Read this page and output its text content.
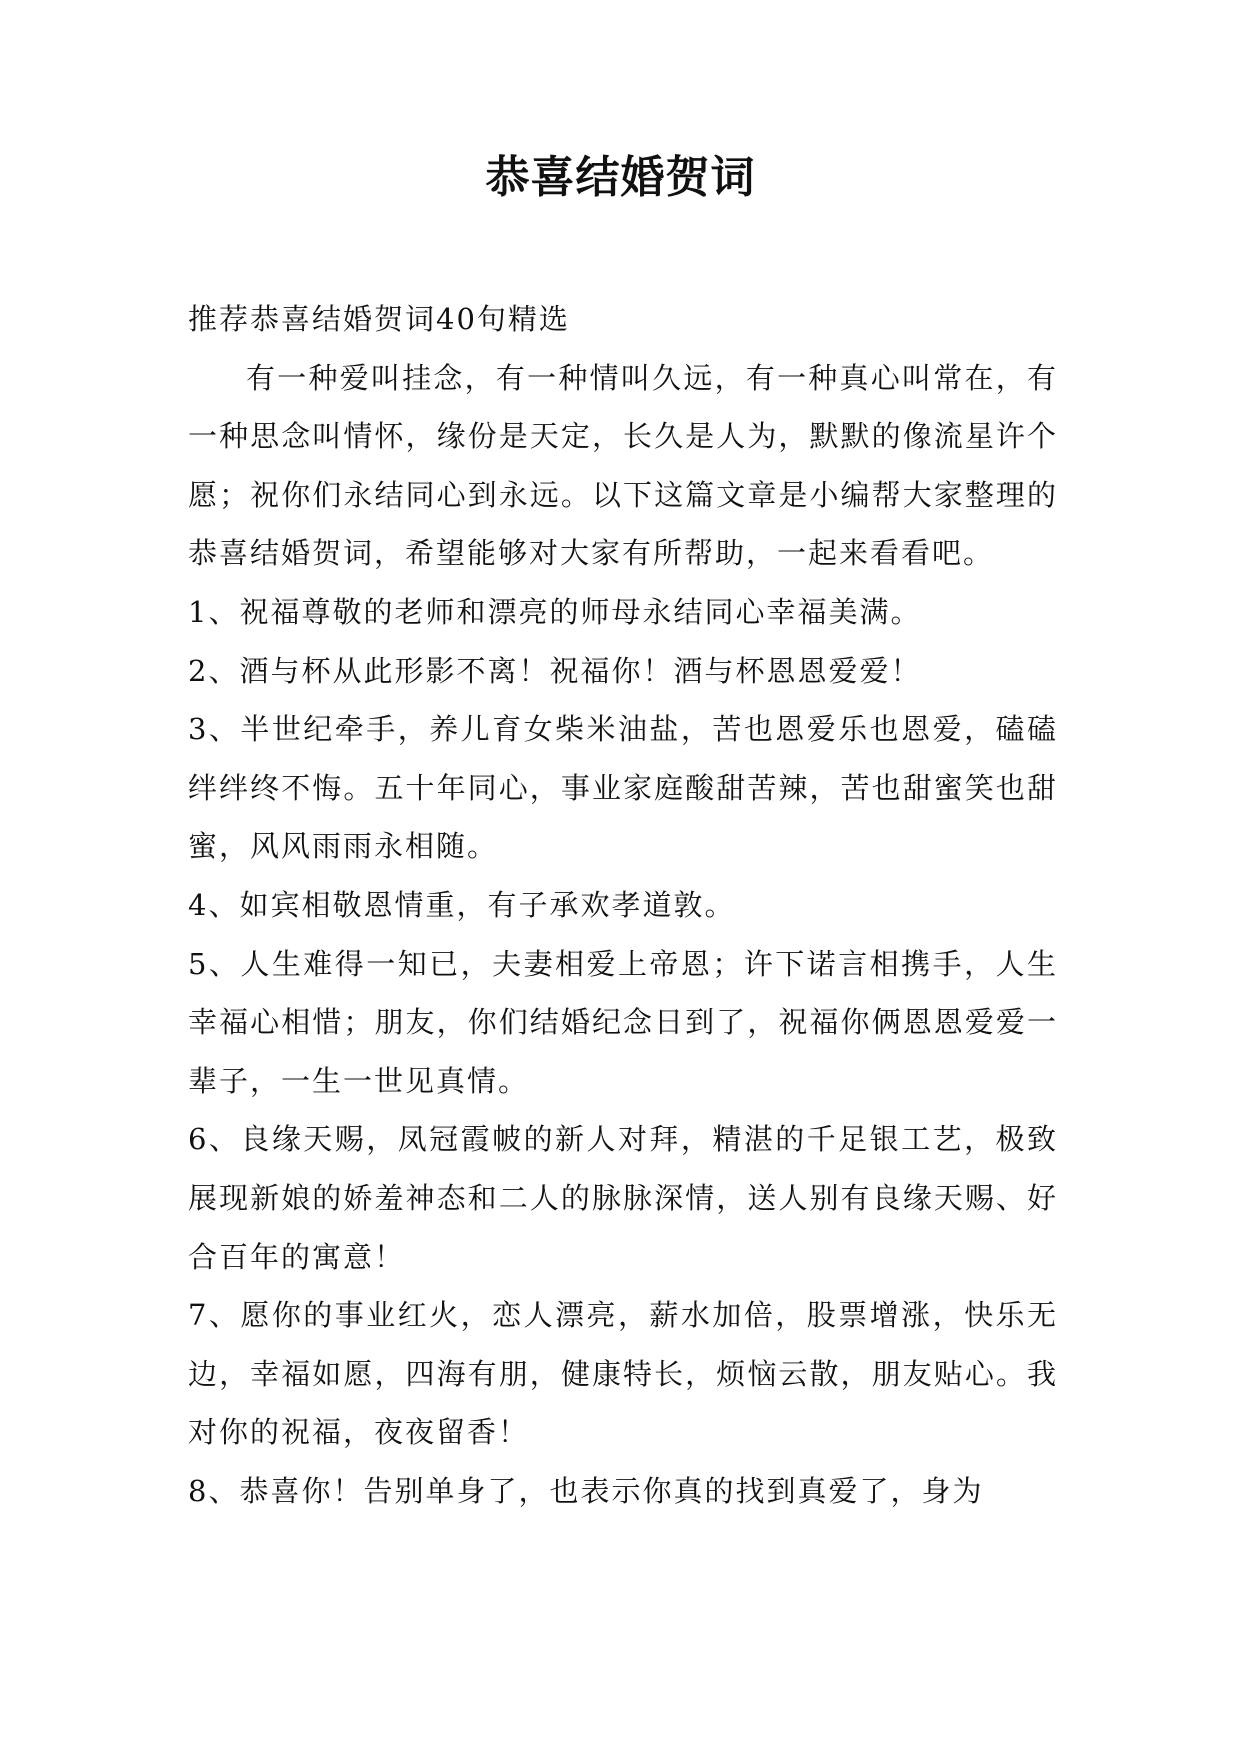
恭喜结婚贺词

推荐恭喜结婚贺词40句精选

有一种爱叫挂念，有一种情叫久远，有一种真心叫常在，有一种思念叫情怀，缘份是天定，长久是人为，默默的像流星许个愿；祝你们永结同心到永远。以下这篇文章是小编帮大家整理的恭喜结婚贺词，希望能够对大家有所帮助，一起来看看吧。

1、祝福尊敬的老师和漂亮的师母永结同心幸福美满。

2、酒与杯从此形影不离！祝福你！酒与杯恩恩爱爱！

3、半世纪牵手，养儿育女柴米油盐，苦也恩爱乐也恩爱，磕磕绊绊终不悔。五十年同心，事业家庭酸甜苦辣，苦也甜蜜笑也甜蜜，风风雨雨永相随。

4、如宾相敬恩情重，有子承欢孝道敦。

5、人生难得一知已，夫妻相爱上帝恩；许下诺言相携手，人生幸福心相惜；朋友，你们结婚纪念日到了，祝福你俩恩恩爱爱一辈子，一生一世见真情。

6、良缘天赐，凤冠霞帔的新人对拜，精湛的千足银工艺，极致展现新娘的娇羞神态和二人的脉脉深情，送人别有良缘天赐、好合百年的寓意！

7、愿你的事业红火，恋人漂亮，薪水加倍，股票增涨，快乐无边，幸福如愿，四海有朋，健康特长，烦恼云散，朋友贴心。我对你的祝福，夜夜留香！

8、恭喜你！告别单身了，也表示你真的找到真爱了，身为
